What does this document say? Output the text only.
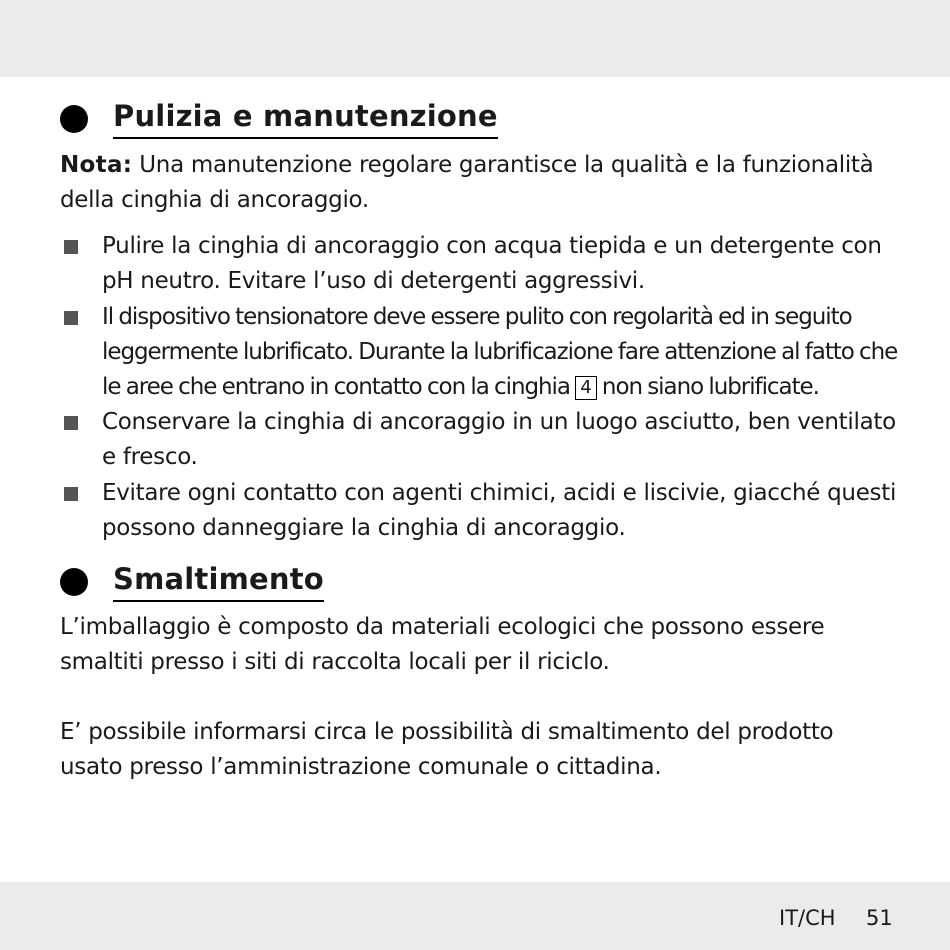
Pulizia e manutenzione
Nota: Una manutenzione regolare garantisce la qualità e la funzionalità della cinghia di ancoraggio.
Pulire la cinghia di ancoraggio con acqua tiepida e un detergente con pH neutro. Evitare l’uso di detergenti aggressivi.
Il dispositivo tensionatore deve essere pulito con regolarità ed in seguito leggermente lubrificato. Durante la lubrificazione fare attenzione al fatto che le aree che entrano in contatto con la cinghia 4 non siano lubrificate.
Conservare la cinghia di ancoraggio in un luogo asciutto, ben ventilato e fresco.
Evitare ogni contatto con agenti chimici, acidi e liscivie, giacché questi possono danneggiare la cinghia di ancoraggio.
Smaltimento
L’imballaggio è composto da materiali ecologici che possono essere smaltiti presso i siti di raccolta locali per il riciclo.
E’ possibile informarsi circa le possibilità di smaltimento del prodotto usato presso l’amministrazione comunale o cittadina.
IT/CH 51
